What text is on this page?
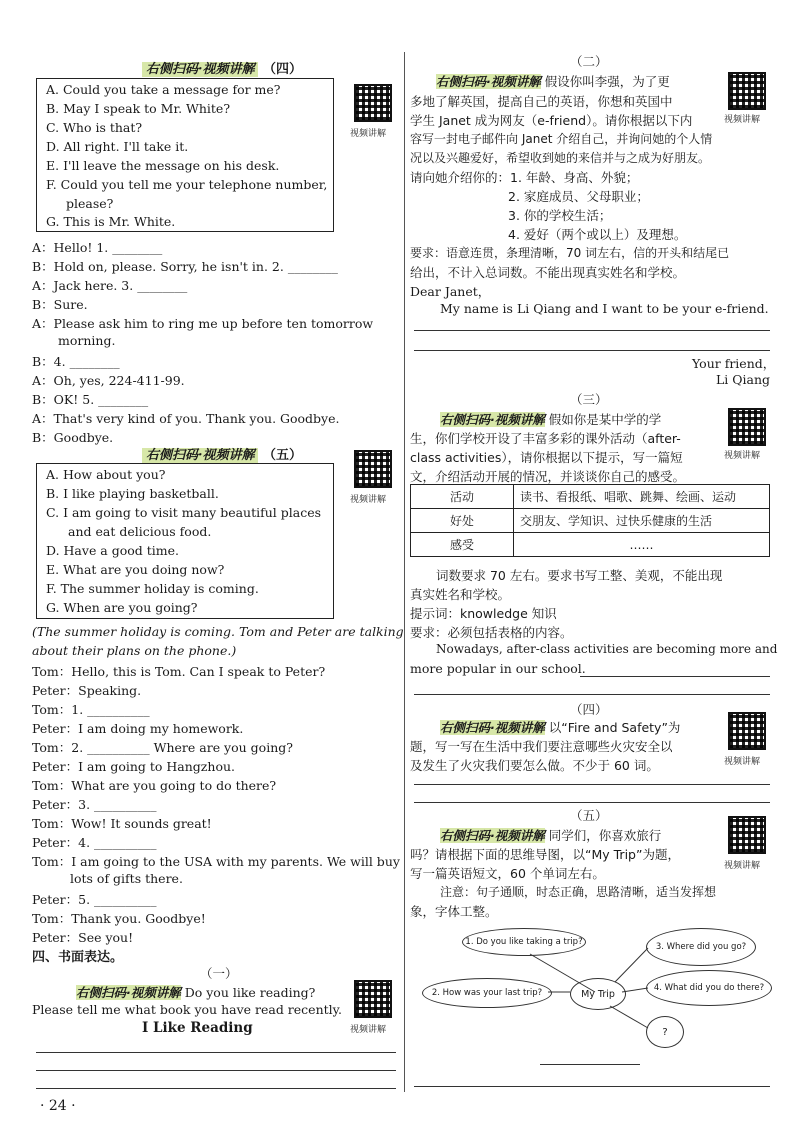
右侧扫码·视频讲解 （四）
A. Could you take a message for me?
B. May I speak to Mr. White?
C. Who is that?
D. All right. I'll take it.
E. I'll leave the message on his desk.
F. Could you tell me your telephone number,
please?
G. This is Mr. White.
视频讲解
A：Hello! 1. ________
B：Hold on, please. Sorry, he isn't in. 2. ________
A：Jack here. 3. ________
B：Sure.
A：Please ask him to ring me up before ten tomorrow
morning.
B：4. ________
A：Oh, yes, 224-411-99.
B：OK! 5. ________
A：That's very kind of you. Thank you. Goodbye.
B：Goodbye.
右侧扫码·视频讲解 （五）
A. How about you?
B. I like playing basketball.
C. I am going to visit many beautiful places
and eat delicious food.
D. Have a good time.
E. What are you doing now?
F. The summer holiday is coming.
G. When are you going?
视频讲解
(The summer holiday is coming. Tom and Peter are talking
about their plans on the phone.)
Tom：Hello, this is Tom. Can I speak to Peter?
Peter：Speaking.
Tom：1. __________
Peter：I am doing my homework.
Tom：2. __________ Where are you going?
Peter：I am going to Hangzhou.
Tom：What are you going to do there?
Peter：3. __________
Tom：Wow! It sounds great!
Peter：4. __________
Tom：I am going to the USA with my parents. We will buy
lots of gifts there.
Peter：5. __________
Tom：Thank you. Goodbye!
Peter：See you!
四、书面表达。
（一）
右侧扫码·视频讲解 Do you like reading?
Please tell me what book you have read recently.
I Like Reading	视频讲解
（二）
右侧扫码·视频讲解 假设你叫李强，为了更
多地了解英国，提高自己的英语，你想和英国中
学生 Janet 成为网友（e-friend）。请你根据以下内
容写一封电子邮件向 Janet 介绍自己，并询问她的个人情
况以及兴趣爱好，希望收到她的来信并与之成为好朋友。
请向她介绍你的：1. 年龄、身高、外貌；
2. 家庭成员、父母职业；
3. 你的学校生活；
4. 爱好（两个或以上）及理想。
要求：语意连贯，条理清晰，70 词左右，信的开头和结尾已
给出，不计入总词数。不能出现真实姓名和学校。
Dear Janet，
My name is Li Qiang and I want to be your e-friend.
Your friend，
Li Qiang
视频讲解
（三）
右侧扫码·视频讲解 假如你是某中学的学
生，你们学校开设了丰富多彩的课外活动（after-
class activities），请你根据以下提示，写一篇短
文，介绍活动开展的情况，并谈谈你自己的感受。
视频讲解
活动	读书、看报纸、唱歌、跳舞、绘画、运动
好处	交朋友、学知识、过快乐健康的生活
感受	……
词数要求 70 左右。要求书写工整、美观，不能出现
真实姓名和学校。
提示词：knowledge 知识
要求：必须包括表格的内容。
Nowadays, after-class activities are becoming more and
more popular in our school.
（四）
右侧扫码·视频讲解 以“Fire and Safety”为
题，写一写在生活中我们要注意哪些火灾安全以
及发生了火灾我们要怎么做。不少于 60 词。	视频讲解
（五）
右侧扫码·视频讲解 同学们，你喜欢旅行
吗？请根据下面的思维导图，以“My Trip”为题，
写一篇英语短文，60 个单词左右。
注意：句子通顺，时态正确，思路清晰，适当发挥想
象，字体工整。
视频讲解
1. Do you like taking a trip?
2. How was your last trip?	My Trip
3. Where did you go?
4. What did you do there?
?
· 24 ·
